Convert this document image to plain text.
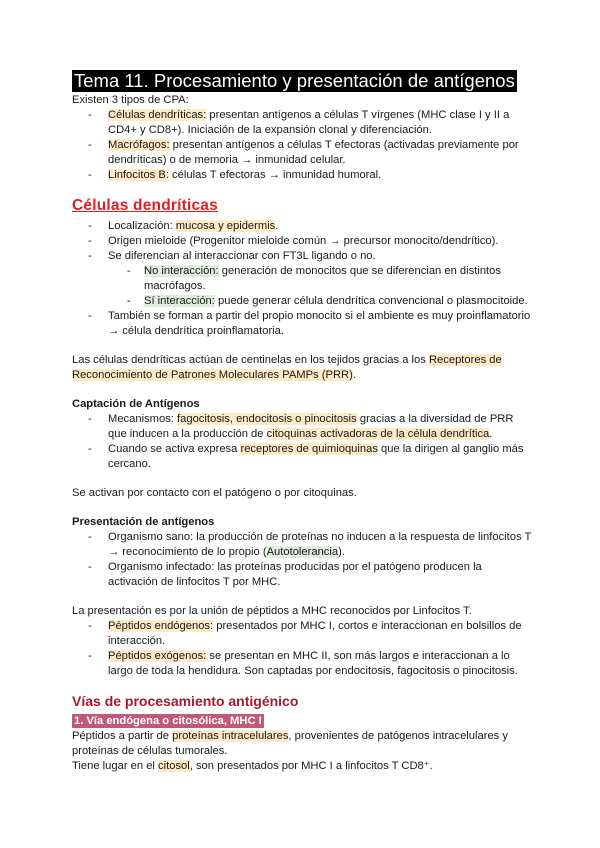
Tema 11. Procesamiento y presentación de antígenos

Existen 3 tipos de CPA:

- Células dendríticas: presentan antígenos a células T vírgenes (MHC clase I y II a CD4+ y CD8+). Iniciación de la expansión clonal y diferenciación.
- Macrófagos: presentan antígenos a células T efectoras (activadas previamente por dendríticas) o de memoria → inmunidad celular.
- Linfocitos B: células T efectoras → inmunidad humoral.
Células dendríticas
- Localización: mucosa y epidermis.
- Origen mieloide (Progenitor mieloide común → precursor monocito/dendrítico).
- Se diferencian al interaccionar con FT3L ligando o no.
- No interacción: generación de monocitos que se diferencian en distintos macrófagos.
- Sí interacción: puede generar célula dendrítica convencional o plasmocitoide.
- También se forman a partir del propio monocito si el ambiente es muy proinflamatorio → célula dendrítica proinflamatoria.

Las células dendríticas actúan de centinelas en los tejidos gracias a los Receptores de Reconocimiento de Patrones Moleculares PAMPs (PRR).

Captación de Antígenos

- Mecanismos: fagocitosis, endocitosis o pinocitosis gracias a la diversidad de PRR que inducen a la producción de citoquinas activadoras de la célula dendrítica.
- Cuando se activa expresa receptores de quimioquinas que la dirigen al ganglio más cercano.

Se activan por contacto con el patógeno o por citoquinas.

Presentación de antígenos

- Organismo sano: la producción de proteínas no inducen a la respuesta de linfocitos T → reconocimiento de lo propio (Autotolerancia).
- Organismo infectado: las proteínas producidas por el patógeno producen la activación de linfocitos T por MHC.

La presentación es por la unión de péptidos a MHC reconocidos por Linfocitos T.

- Péptidos endógenos: presentados por MHC I, cortos e interaccionan en bolsillos de interacción.
- Péptidos exógenos: se presentan en MHC II, son más largos e interaccionan a lo largo de toda la hendidura. Son captadas por endocitosis, fagocitosis o pinocitosis.
Vías de procesamiento antigénico
1. Vía endógena o citosólica, MHC I

Péptidos a partir de proteínas intracelulares, provenientes de patógenos intracelulares y proteínas de células tumorales.

Tiene lugar en el citosol, son presentados por MHC I a linfocitos T CD8⁺.
